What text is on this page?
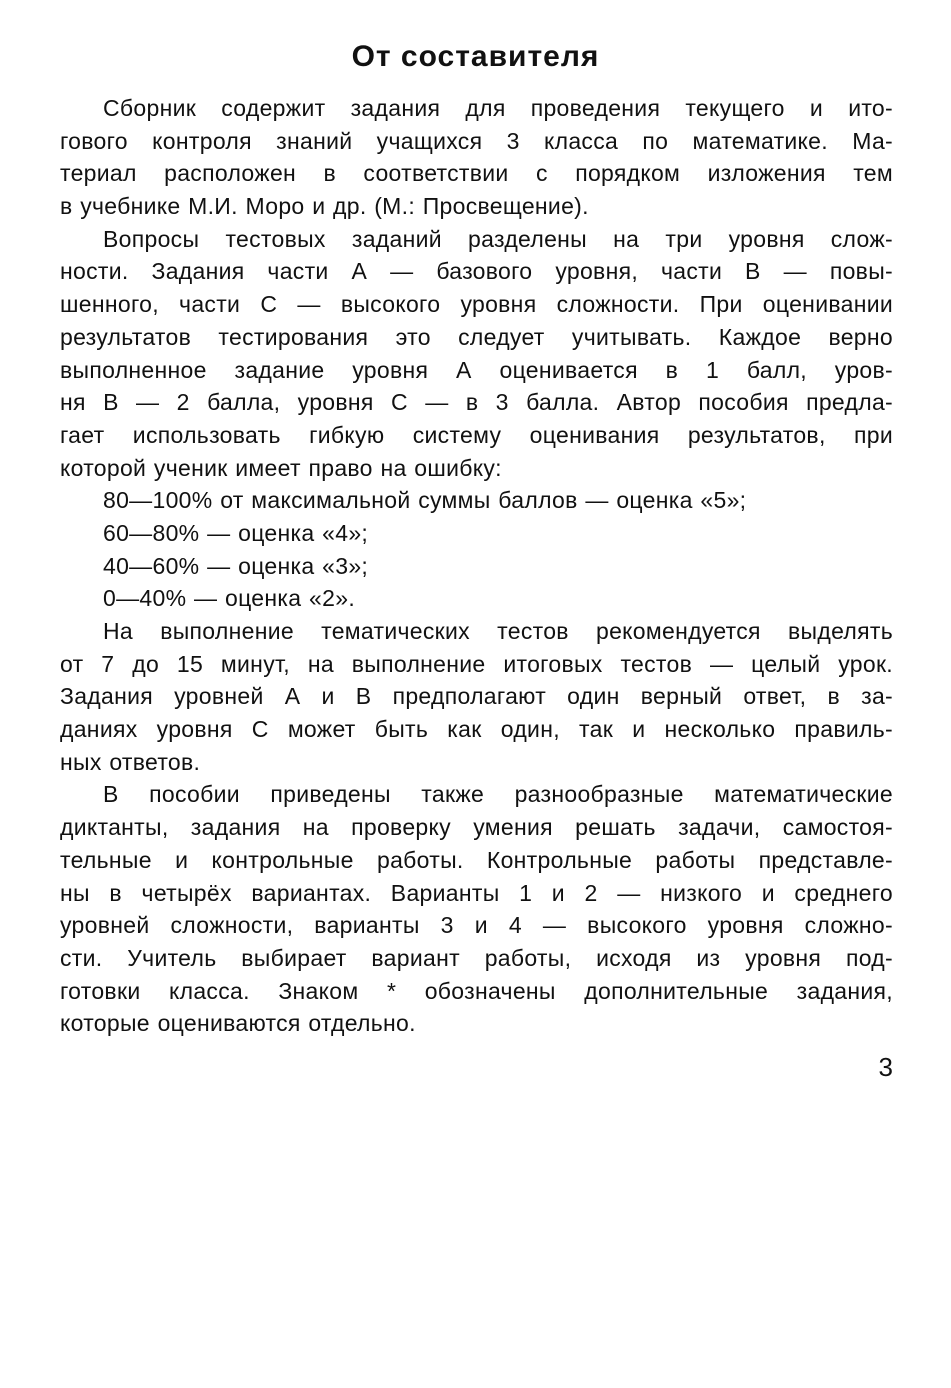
От составителя
Сборник содержит задания для проведения текущего и ито-
гового контроля знаний учащихся 3 класса по математике. Ма-
териал расположен в соответствии с порядком изложения тем
в учебнике М.И. Моро и др. (М.: Просвещение).
Вопросы тестовых заданий разделены на три уровня слож-
ности. Задания части А — базового уровня, части В — повы-
шенного, части С — высокого уровня сложности. При оценивании
результатов тестирования это следует учитывать. Каждое верно
выполненное задание уровня А оценивается в 1 балл, уров-
ня В — 2 балла, уровня С — в 3 балла. Автор пособия предла-
гает использовать гибкую систему оценивания результатов, при
которой ученик имеет право на ошибку:
80—100% от максимальной суммы баллов — оценка «5»;
60—80% — оценка «4»;
40—60% — оценка «3»;
0—40% — оценка «2».
На выполнение тематических тестов рекомендуется выделять
от 7 до 15 минут, на выполнение итоговых тестов — целый урок.
Задания уровней А и В предполагают один верный ответ, в за-
даниях уровня С может быть как один, так и несколько правиль-
ных ответов.
В пособии приведены также разнообразные математические
диктанты, задания на проверку умения решать задачи, самостоя-
тельные и контрольные работы. Контрольные работы представле-
ны в четырёх вариантах. Варианты 1 и 2 — низкого и среднего
уровней сложности, варианты 3 и 4 — высокого уровня сложно-
сти. Учитель выбирает вариант работы, исходя из уровня под-
готовки класса. Знаком * обозначены дополнительные задания,
которые оцениваются отдельно.
3
